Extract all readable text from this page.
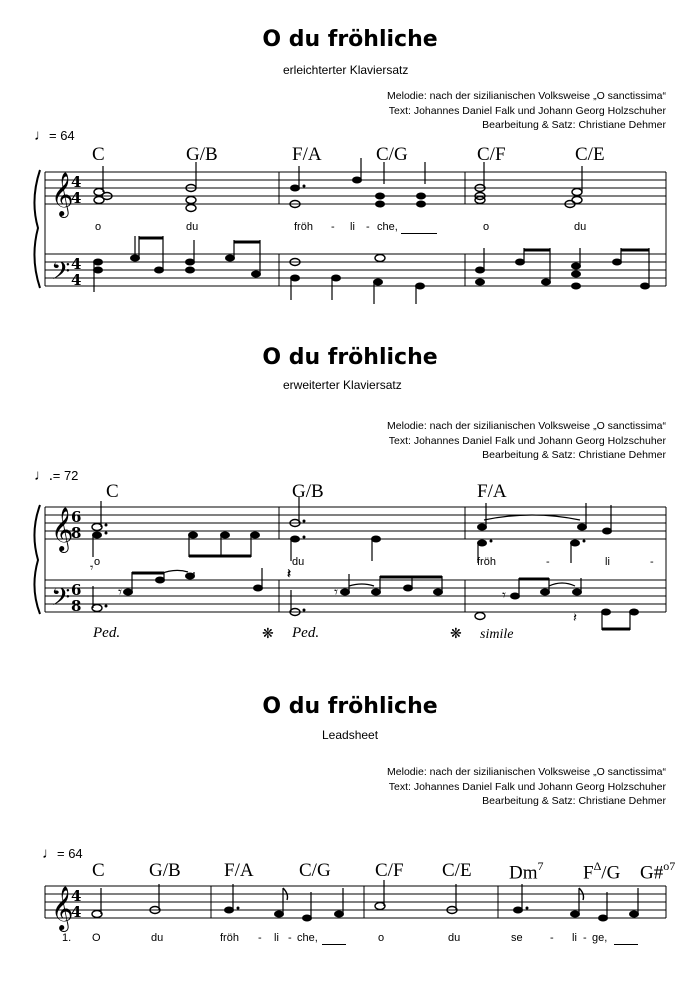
O du fröhliche
erleichterter Klaviersatz
Melodie: nach der sizilianischen Volksweise „O sanctissima“
Text: Johannes Daniel Falk und Johann Georg Holzschuher
Bearbeitung & Satz: Christiane Dehmer
♩= 64
C	G/B	F/A	C/G	C/F	C/E
𝄞
𝄢
4
4
4
4
o	du	fröh - li - che,	o	du
O du fröhliche
erweiterter Klaviersatz
Melodie: nach der sizilianischen Volksweise „O sanctissima“
Text: Johannes Daniel Falk und Johann Georg Holzschuher
Bearbeitung & Satz: Christiane Dehmer
♩.= 72
C	G/B	F/A
𝄞
𝄢
6
8
6
8
𝄾	𝄾	𝄾
𝄾	𝄽
𝄽
o	du	fröh	-	li	-
Ped.	❋ Ped.	❋ simile
O du fröhliche
Leadsheet
Melodie: nach der sizilianischen Volksweise „O sanctissima“
Text: Johannes Daniel Falk und Johann Georg Holzschuher
Bearbeitung & Satz: Christiane Dehmer
♩= 64
C G/B F/A C/G C/F C/E Dm$^7$ $F^\Delta/G$ G#$^{o7}$
𝄞
4
4
1. O	du	fröh - li - che,	o	du	se - li - ge,
